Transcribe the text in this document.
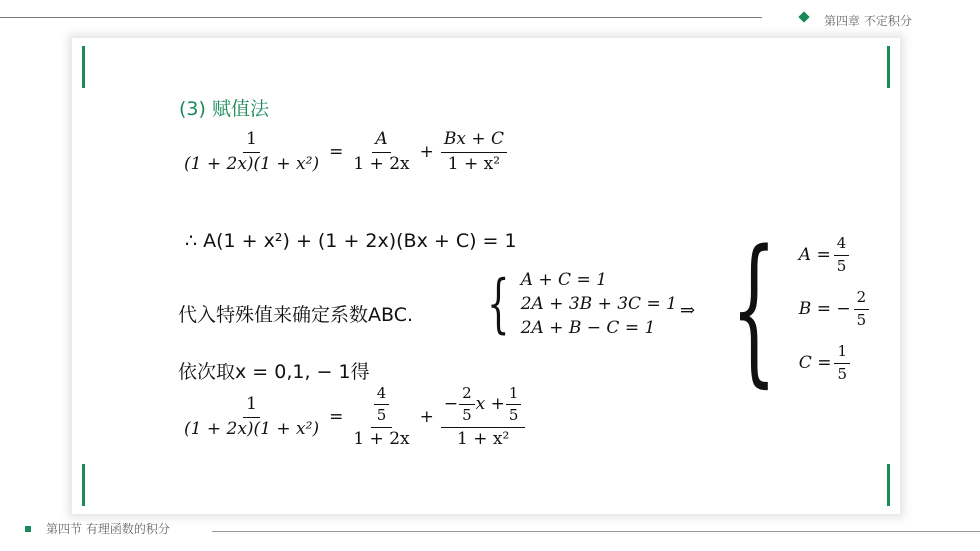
第四章 不定积分
(3) 赋值法
$\frac{1}{\text{(1 + 2x)(1 + x²)}} = \frac{A}{1 + 2x} + \frac{Bx + C}{\text{1 + x²}}$
∴ A(1 + x²) + (1 + 2x)(Bx + C) = 1
代入特殊值来确定系数ABC. { A + C = 1
2A + 3B + 3C = 1
2A + B − C = 1
⇒ { $A = \frac{4}{5}$
B = − $\frac{2}{5}$
$C = \frac{1}{5}$
依次取x = 0,1, − 1得
$\frac{1}{\text{(1 + 2x)(1 + x²)}} = \frac{\frac{4}{5}}{1 + 2x} + \frac{- \frac{2}{5} x + \frac{1}{5}}{\text{1 + x²}}$
第四节 有理函数的积分
